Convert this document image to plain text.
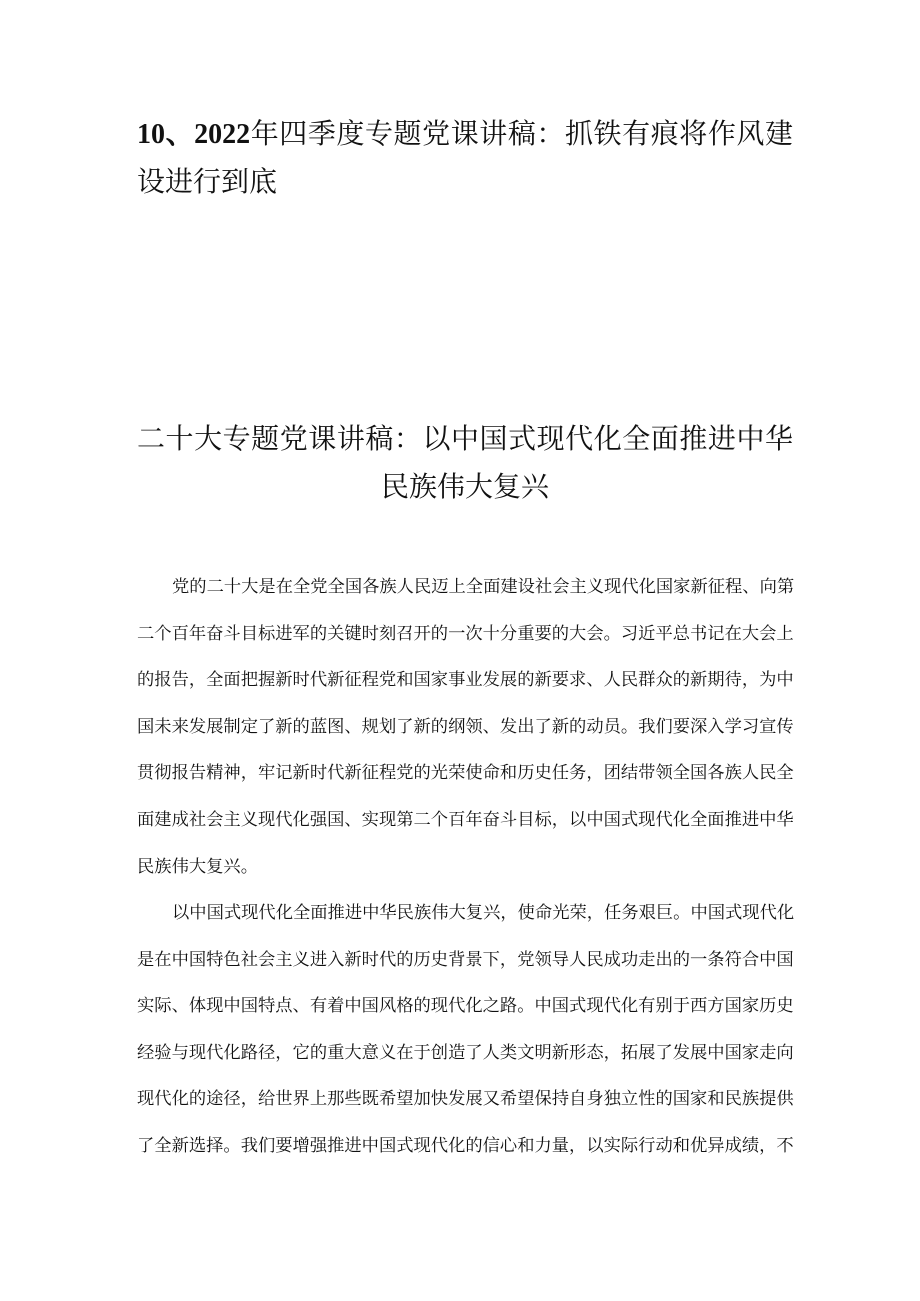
10、2022年四季度专题党课讲稿：抓铁有痕将作风建
设进行到底
二十大专题党课讲稿：以中国式现代化全面推进中华
民族伟大复兴
党的二十大是在全党全国各族人民迈上全面建设社会主义现代化国家新征程、向第
二个百年奋斗目标进军的关键时刻召开的一次十分重要的大会。习近平总书记在大会上
的报告，全面把握新时代新征程党和国家事业发展的新要求、人民群众的新期待，为中
国未来发展制定了新的蓝图、规划了新的纲领、发出了新的动员。我们要深入学习宣传
贯彻报告精神，牢记新时代新征程党的光荣使命和历史任务，团结带领全国各族人民全
面建成社会主义现代化强国、实现第二个百年奋斗目标，以中国式现代化全面推进中华
民族伟大复兴。
以中国式现代化全面推进中华民族伟大复兴，使命光荣，任务艰巨。中国式现代化
是在中国特色社会主义进入新时代的历史背景下，党领导人民成功走出的一条符合中国
实际、体现中国特点、有着中国风格的现代化之路。中国式现代化有别于西方国家历史
经验与现代化路径，它的重大意义在于创造了人类文明新形态，拓展了发展中国家走向
现代化的途径，给世界上那些既希望加快发展又希望保持自身独立性的国家和民族提供
了全新选择。我们要增强推进中国式现代化的信心和力量，以实际行动和优异成绩，不
